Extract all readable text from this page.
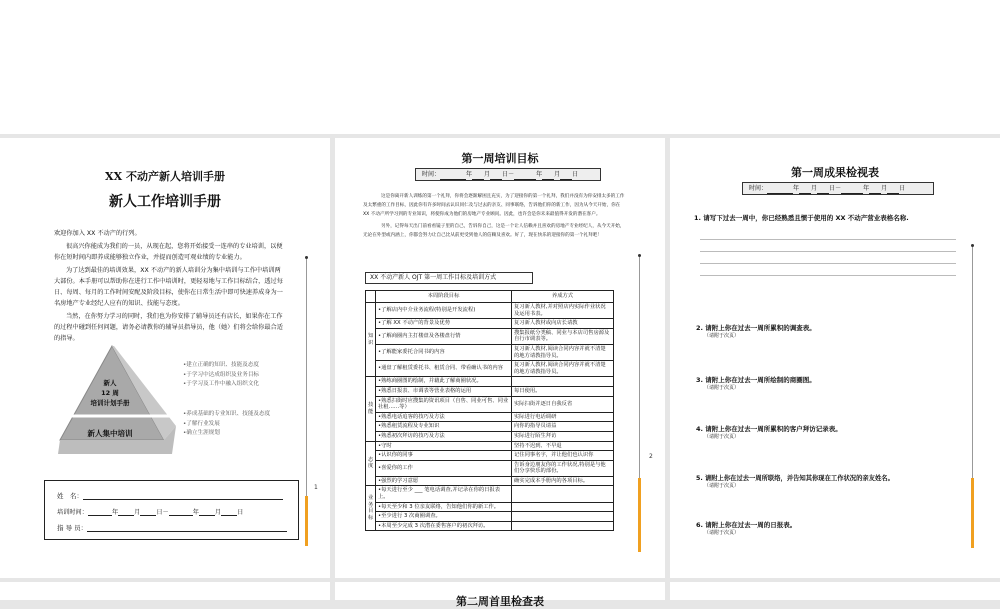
XX 不动产新人培训手册
新人工作培训手册

欢迎你加入 XX 不动产的行列。

很高兴你能成为我们的一员，从现在起，您将开始接受一连串的专业培训，以便你在短时间内即养成能够独立作业，并提而创造可观业绩的专业能力。

为了达到最佳的培训效果，XX 不动产的新人培训分为集中培训与工作中培训两大部份。本手册可以帮助你在进行工作中培训时，更轻易地与工作目标结合，透过每日、每周、每月的工作时间安配及阶段目标，使你在日常生活中即可快速养成身为一名房地产专业经纪人应有的知识、技能与态度。

当然，在你努力学习的同时，我们也为你安排了辅导员还有店长，如果你在工作的过程中碰到任何问题，请务必请教你的辅导员指导员，他（她）们将会给你最合适的指导。

新人
12 周
培训计划手册
新人集中培训
•建立正确的知识、技能及态度
•于学习中达成组织及业务目标
•于学习及工作中融入组织文化
•养成基础的专业知识、技能及态度
•了解行业发展
•确立生涯规划
姓　名：
培训时间：	年	月	日－	年	月	日
指 导 员：
1
第一周培训目标
时间：	年 月 日－	年 月 日

这是你离开新人训练的第一个礼拜，你将会逐渐解困且充实，为了迎接你的第一个礼拜，我们并没有为你安排太多的工作及太繁重的工作目标，因此你有许多时间去认识同仁及与过去的亲友、同事联络，告诉他们你的新工作，因为从今天开始，你在 XX 不动产所学习到的专业知识，将使你成为他们的房地产专业顾问。因此，也许会是你未来最值得开发的潜在客户。

另外，记得每天出门前看看镜子里的自己，告诉你自己，这是一个让人信赖并且喜欢的房地产专业经纪人，从今天开始，无论在外型或内涵上，你都会努力让自己比从前更受到他人的信赖及喜欢。好了，现在快乐的迎接你的第一个礼拜吧！

XX 不动产新人 OJT 第一周工作目标及培训方式
	本周阶段目标	养成方式
知识	•了解店内中介业务流程(特别是开发流程)	复习新人教材,并对照店内实际作业状况及运用书表。
	•了解 XX 不动产的背景及优势	复习新人教材或向店长请教
	•了解商圈内主打楼盘及各楼盘行情	搜集报纸分类稿、同业与本店司售房源及自行市调表等。
	•了解能家委托合同书的内容	复习新人教材,阅读合同内容并就不清楚的地方请教指导员。
	•通盘了解租赁委托书、租赁合同、带看确认书的内容	复习新人教材,阅读合同内容并就不清楚的地方请教指导员。
技能	•熟练商圈图的绘制，并藉此了解商圈状况。	
	•熟悉日报表、市调表等营业表格的运用	每日使用。
	•熟悉扫街时应搜集的资讯项目（自售、同业可售、同业社租……等）	实际扫街并逐日自我反省
	•熟悉电话追客的技巧及方法	实际进行电话调研
	•熟悉租赁流程及专业知识	向你的指导员请益
	•熟悉初次拜访的技巧及方法	实际进行陌生拜访
态度	•守时	坚持不迟到、不早退
	•认识你的同事	记住同事名字，并让他们也认识你
	•喜爱你的工作	告诉身边朋友你的工作状况,特别是与他们分享快乐的部份。
	•强烈的学习意愿	确实完成本手册内的各项目标。
业务目标	•每天进行至少 ___ 笔电话调查,并记录在你的日报表上。	
	•每天至少和 3 位亲友联络，告知他们你的新工作。	
	•至少进行 3 次商圈调查。	
	•本周至少完成 3 次潜在委售客户的初次拜访。	
2
第一周成果检视表
时间：	年 月 日－	年 月 日
1. 请写下过去一周中，你已经熟悉且惯于使用的 XX 不动产营业表格名称.
2. 请附上你在过去一周所累积的调查表。
（请附于次页）
3. 请附上你在过去一周所绘制的商圈图。
（请附于次页）
4. 请附上你在过去一周所累积的客户拜访记录表。
（请附于次页）
5. 请附上你在过去一周所联络，并告知其你现在工作状况的亲友姓名。
（请附于次页）
6. 请附上你在过去一周的日报表。
（请附于次页）
第二周首里检查表
